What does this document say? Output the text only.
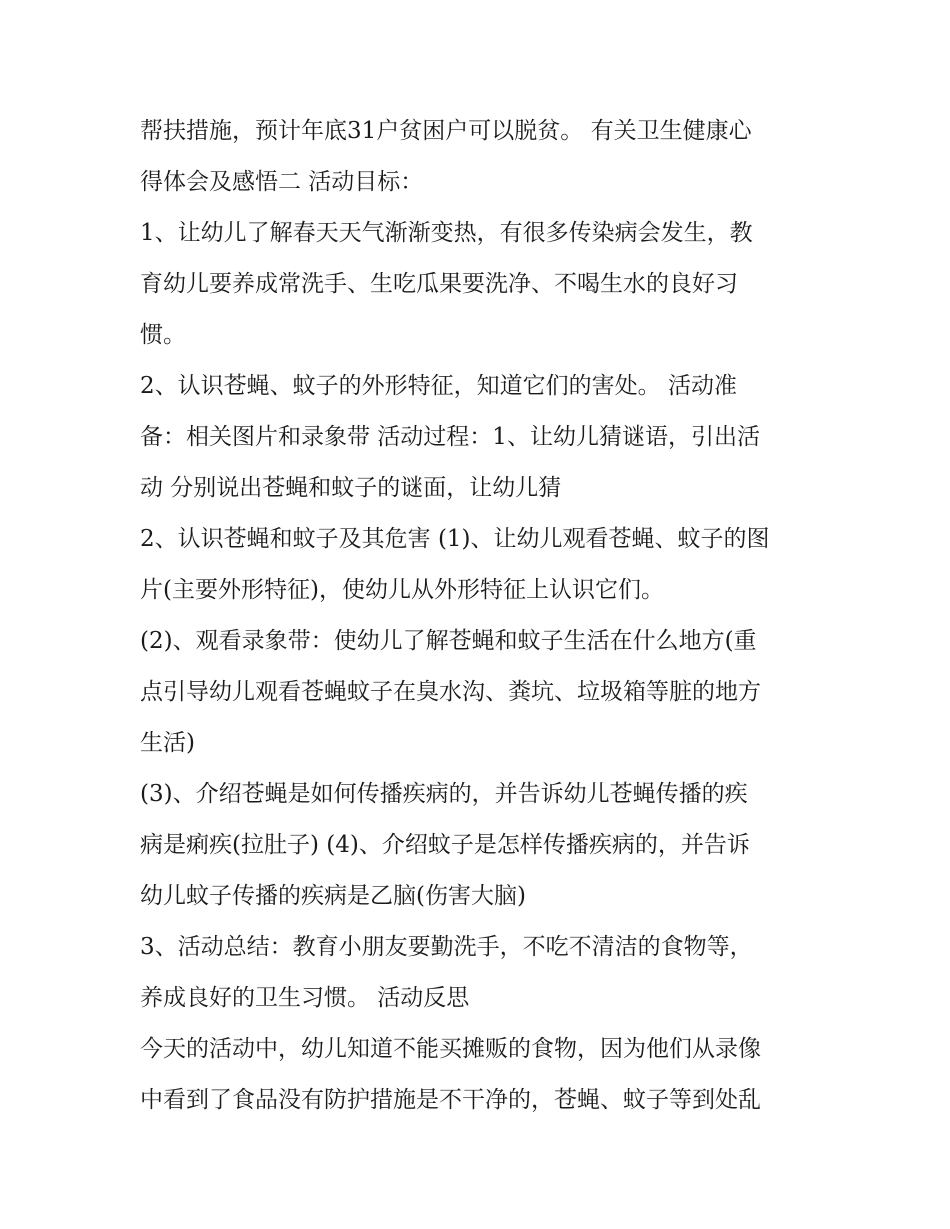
帮扶措施，预计年底31户贫困户可以脱贫。 有关卫生健康心
得体会及感悟二 活动目标：

1、让幼儿了解春天天气渐渐变热，有很多传染病会发生，教
育幼儿要养成常洗手、生吃瓜果要洗净、不喝生水的良好习
惯。

2、认识苍蝇、蚊子的外形特征，知道它们的害处。 活动准
备：相关图片和录象带 活动过程：1、让幼儿猜谜语，引出活
动 分别说出苍蝇和蚊子的谜面，让幼儿猜

2、认识苍蝇和蚊子及其危害 (1)、让幼儿观看苍蝇、蚊子的图
片(主要外形特征)，使幼儿从外形特征上认识它们。

(2)、观看录象带：使幼儿了解苍蝇和蚊子生活在什么地方(重
点引导幼儿观看苍蝇蚊子在臭水沟、粪坑、垃圾箱等脏的地方
生活)

(3)、介绍苍蝇是如何传播疾病的，并告诉幼儿苍蝇传播的疾
病是痢疾(拉肚子) (4)、介绍蚊子是怎样传播疾病的，并告诉
幼儿蚊子传播的疾病是乙脑(伤害大脑)

3、活动总结：教育小朋友要勤洗手，不吃不清洁的食物等，
养成良好的卫生习惯。 活动反思

今天的活动中，幼儿知道不能买摊贩的食物，因为他们从录像
中看到了食品没有防护措施是不干净的，苍蝇、蚊子等到处乱
